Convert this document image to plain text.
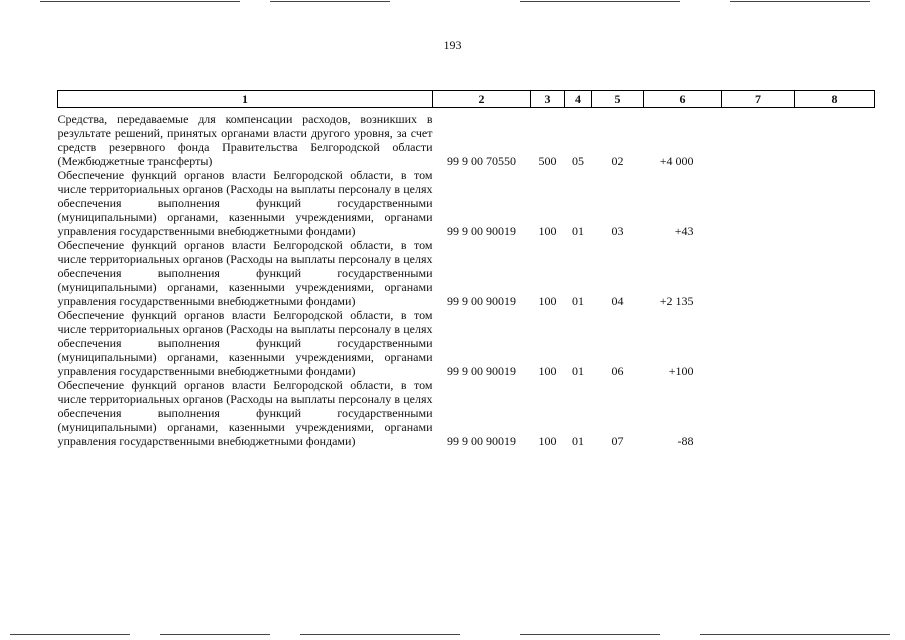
193
1	2	3	4	5	6	7	8
Средства, передаваемые для компенсации расходов, возникших в результате решений, принятых органами власти другого уровня, за счет средств резервного фонда Правительства Белгородской области (Межбюджетные трансферты)	99 9 00 70550	500	05	02	+4 000		
Обеспечение функций органов власти Белгородской области, в том числе территориальных органов (Расходы на выплаты персоналу в целях обеспечения выполнения функций государственными (муниципальными) органами, казенными учреждениями, органами управления государственными внебюджетными фондами)	99 9 00 90019	100	01	03	+43		
Обеспечение функций органов власти Белгородской области, в том числе территориальных органов (Расходы на выплаты персоналу в целях обеспечения выполнения функций государственными (муниципальными) органами, казенными учреждениями, органами управления государственными внебюджетными фондами)	99 9 00 90019	100	01	04	+2 135		
Обеспечение функций органов власти Белгородской области, в том числе территориальных органов (Расходы на выплаты персоналу в целях обеспечения выполнения функций государственными (муниципальными) органами, казенными учреждениями, органами управления государственными внебюджетными фондами)	99 9 00 90019	100	01	06	+100		
Обеспечение функций органов власти Белгородской области, в том числе территориальных органов (Расходы на выплаты персоналу в целях обеспечения выполнения функций государственными (муниципальными) органами, казенными учреждениями, органами управления государственными внебюджетными фондами)	99 9 00 90019	100	01	07	-88		
